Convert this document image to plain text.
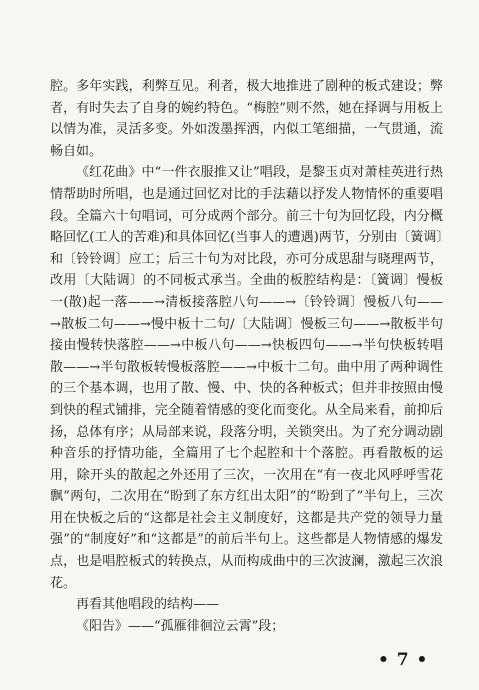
腔。多年实践，利弊互见。利者，极大地推进了剧种的板式建设；弊者，有时失去了自身的婉约特色。“梅腔”则不然，她在择调与用板上以情为准，灵活多变。外如泼墨挥洒，内似工笔细描，一气贯通，流畅自如。

《红花曲》中“一件衣服推又让”唱段，是黎玉贞对萧桂英进行热情帮助时所唱，也是通过回忆对比的手法藉以抒发人物情怀的重要唱段。全篇六十句唱词，可分成两个部分。前三十句为回忆段，内分概略回忆(工人的苦难)和具体回忆(当事人的遭遇)两节，分别由〔簧调〕和〔铃铃调〕应工；后三十句为对比段，亦可分成思甜与晓理两节，改用〔大陆调〕的不同板式承当。全曲的板腔结构是：〔簧调〕慢板一(散)起一落——→清板接落腔八句——→〔铃铃调〕慢板八句——→散板二句——→慢中板十二句/〔大陆调〕慢板三句——→散板半句接由慢转快落腔——→中板八句——→快板四句——→半句快板转唱散——→半句散板转慢板落腔——→中板十二句。曲中用了两种调性的三个基本调，也用了散、慢、中、快的各种板式；但并非按照由慢到快的程式铺排，完全随着情感的变化而变化。从全局来看，前抑后扬，总体有序；从局部来说，段落分明，关锁突出。为了充分调动剧种音乐的抒情功能，全篇用了七个起腔和十个落腔。再看散板的运用，除开头的散起之外还用了三次，一次用在“有一夜北风呼呼雪花飘”两句，二次用在“盼到了东方红出太阳”的“盼到了”半句上，三次用在快板之后的“这都是社会主义制度好，这都是共产党的领导力量强”的“制度好”和“这都是”的前后半句上。这些都是人物情感的爆发点，也是唱腔板式的转换点，从而构成曲中的三次波澜，激起三次浪花。

再看其他唱段的结构——

《阳告》——“孤雁徘徊泣云霄”段；

• 7 •
